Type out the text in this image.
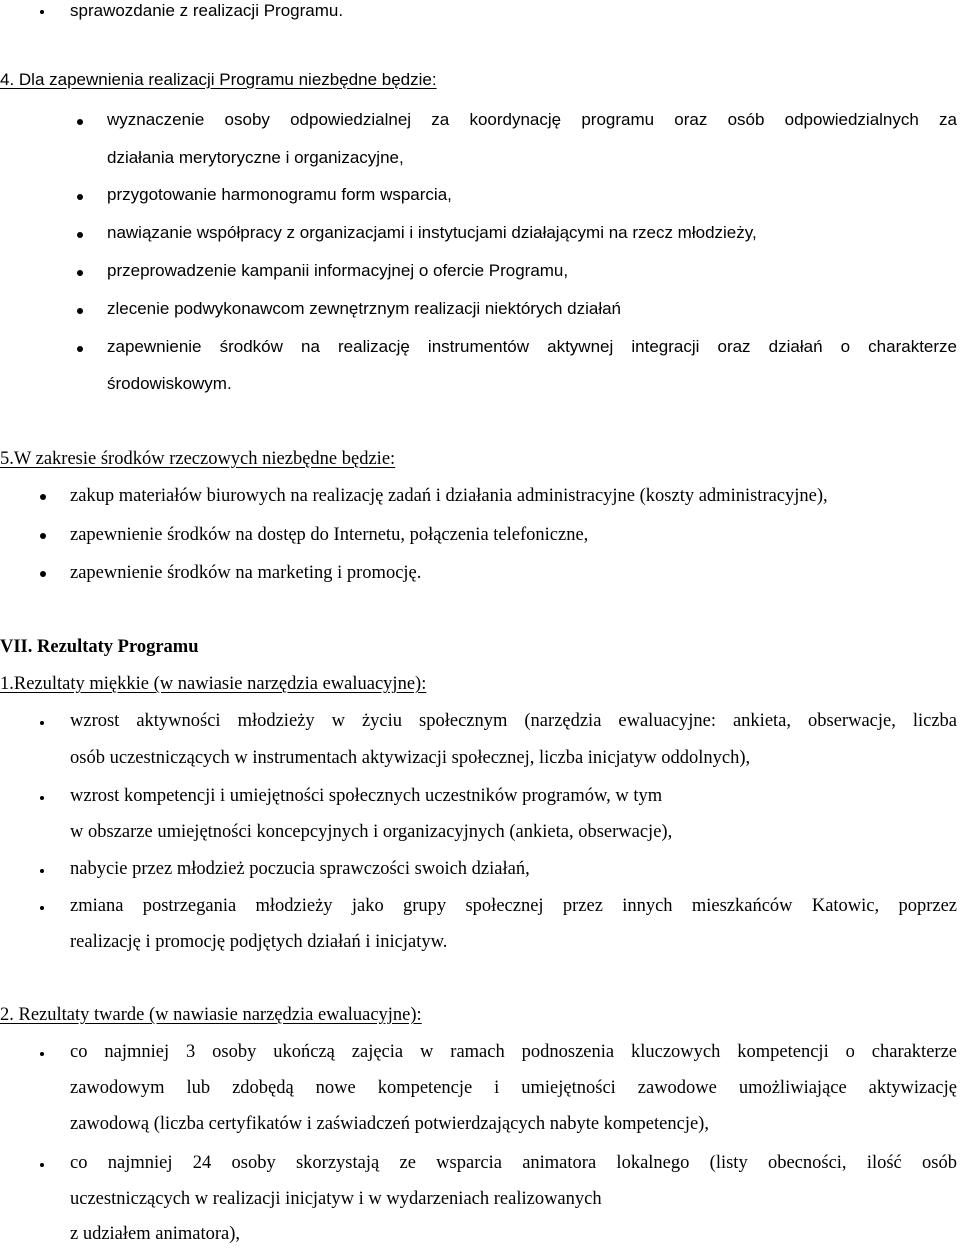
sprawozdanie z realizacji Programu.
4. Dla zapewnienia realizacji Programu niezbędne będzie:
wyznaczenie osoby odpowiedzialnej za koordynację programu oraz osób odpowiedzialnych za
działania merytoryczne i organizacyjne,
przygotowanie harmonogramu form wsparcia,
nawiązanie współpracy z organizacjami i instytucjami działającymi na rzecz młodzieży,
przeprowadzenie kampanii informacyjnej o ofercie Programu,
zlecenie podwykonawcom zewnętrznym realizacji niektórych działań
zapewnienie środków na realizację instrumentów aktywnej integracji oraz działań o charakterze
środowiskowym.
5.W zakresie środków rzeczowych niezbędne będzie:
zakup materiałów biurowych na realizację zadań i działania administracyjne (koszty administracyjne),
zapewnienie środków na dostęp do Internetu, połączenia telefoniczne,
zapewnienie środków na marketing i promocję.
VII. Rezultaty Programu
1.Rezultaty miękkie (w nawiasie narzędzia ewaluacyjne):
wzrost aktywności młodzieży w życiu społecznym (narzędzia ewaluacyjne: ankieta, obserwacje, liczba
osób uczestniczących w instrumentach aktywizacji społecznej, liczba inicjatyw oddolnych),
wzrost kompetencji i umiejętności społecznych uczestników programów, w tym
w obszarze umiejętności koncepcyjnych i organizacyjnych (ankieta, obserwacje),
nabycie przez młodzież poczucia sprawczości swoich działań,
zmiana postrzegania młodzieży jako grupy społecznej przez innych mieszkańców Katowic, poprzez
realizację i promocję podjętych działań i inicjatyw.
2. Rezultaty twarde (w nawiasie narzędzia ewaluacyjne):
co najmniej 3 osoby ukończą zajęcia w ramach podnoszenia kluczowych kompetencji o charakterze
zawodowym lub zdobędą nowe kompetencje i umiejętności zawodowe umożliwiające aktywizację
zawodową (liczba certyfikatów i zaświadczeń potwierdzających nabyte kompetencje),
co najmniej 24 osoby skorzystają ze wsparcia animatora lokalnego (listy obecności, ilość osób
uczestniczących w realizacji inicjatyw i w wydarzeniach realizowanych
z udziałem animatora),
